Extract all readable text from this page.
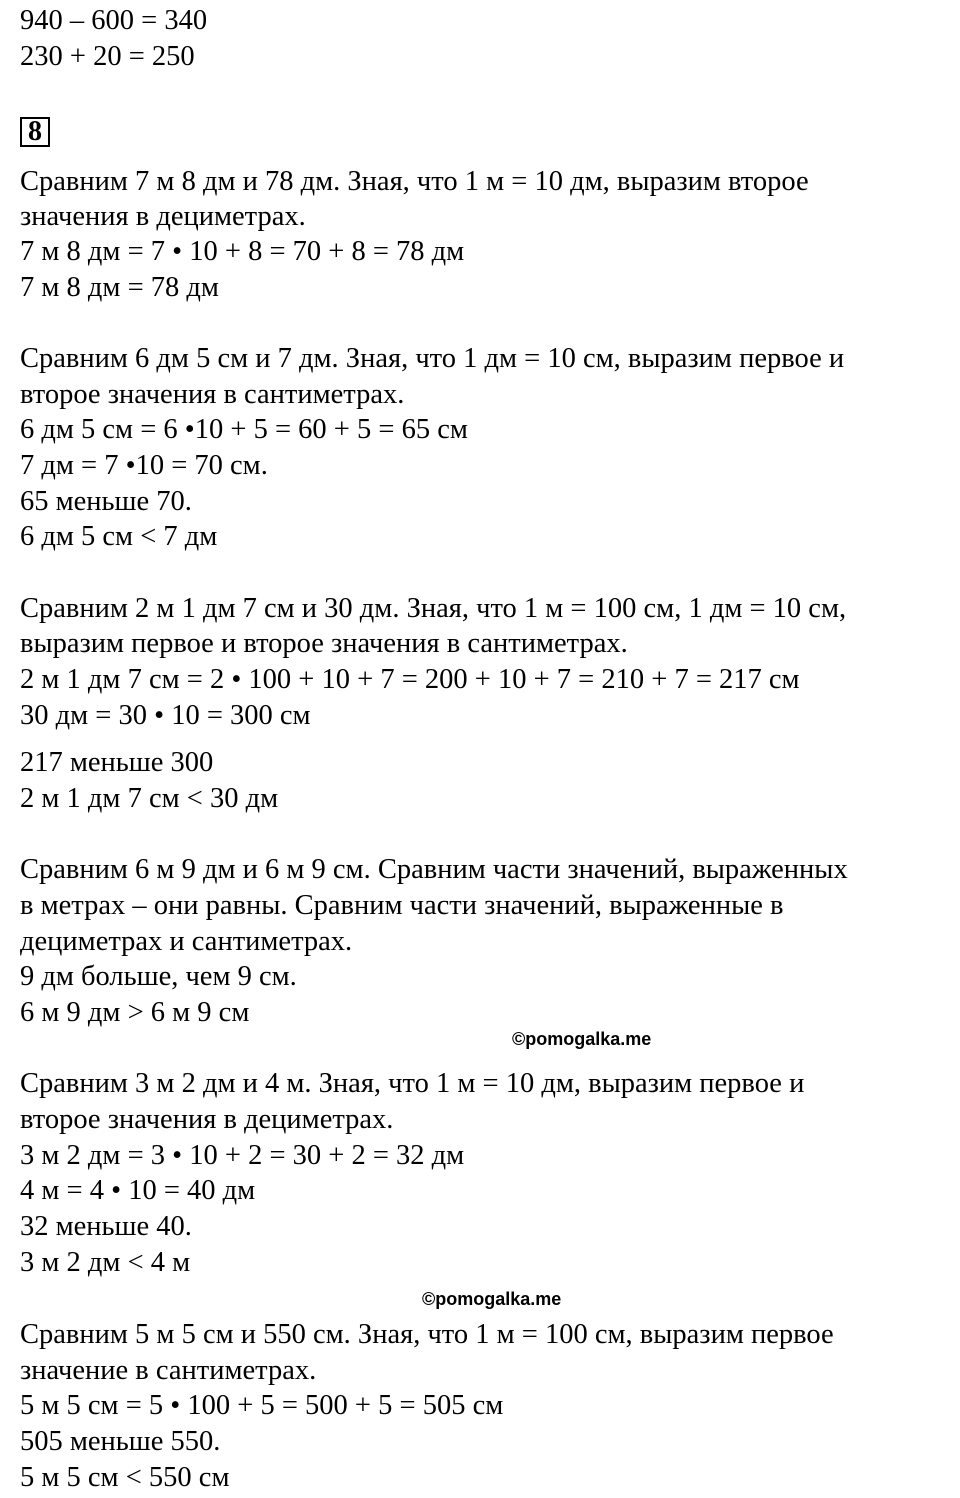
940 – 600 = 340
230 + 20 = 250
8
Сравним 7 м 8 дм и 78 дм. Зная, что 1 м = 10 дм, выразим второе
значения в дециметрах.
7 м 8 дм = 7 • 10 + 8 = 70 + 8 = 78 дм
7 м 8 дм = 78 дм
Сравним 6 дм 5 см и 7 дм. Зная, что 1 дм = 10 см, выразим первое и
второе значения в сантиметрах.
6 дм 5 см = 6 •10 + 5 = 60 + 5 = 65 см
7 дм = 7 •10 = 70 см.
65 меньше 70.
6 дм 5 см < 7 дм
Сравним 2 м 1 дм 7 см и 30 дм. Зная, что 1 м = 100 см, 1 дм = 10 см,
выразим первое и второе значения в сантиметрах.
2 м 1 дм 7 см = 2 • 100 + 10 + 7 = 200 + 10 + 7 = 210 + 7 = 217 см
30 дм = 30 • 10 = 300 см
217 меньше 300
2 м 1 дм 7 см < 30 дм
Сравним 6 м 9 дм и 6 м 9 см. Сравним части значений, выраженных
в метрах – они равны. Сравним части значений, выраженные в
дециметрах и сантиметрах.
9 дм больше, чем 9 см.
6 м 9 дм > 6 м 9 см
©pomogalka.me
Сравним 3 м 2 дм и 4 м. Зная, что 1 м = 10 дм, выразим первое и
второе значения в дециметрах.
3 м 2 дм = 3 • 10 + 2 = 30 + 2 = 32 дм
4 м = 4 • 10 = 40 дм
32 меньше 40.
3 м 2 дм < 4 м
©pomogalka.me
Сравним 5 м 5 см и 550 см. Зная, что 1 м = 100 см, выразим первое
значение в сантиметрах.
5 м 5 см = 5 • 100 + 5 = 500 + 5 = 505 см
505 меньше 550.
5 м 5 см < 550 см
